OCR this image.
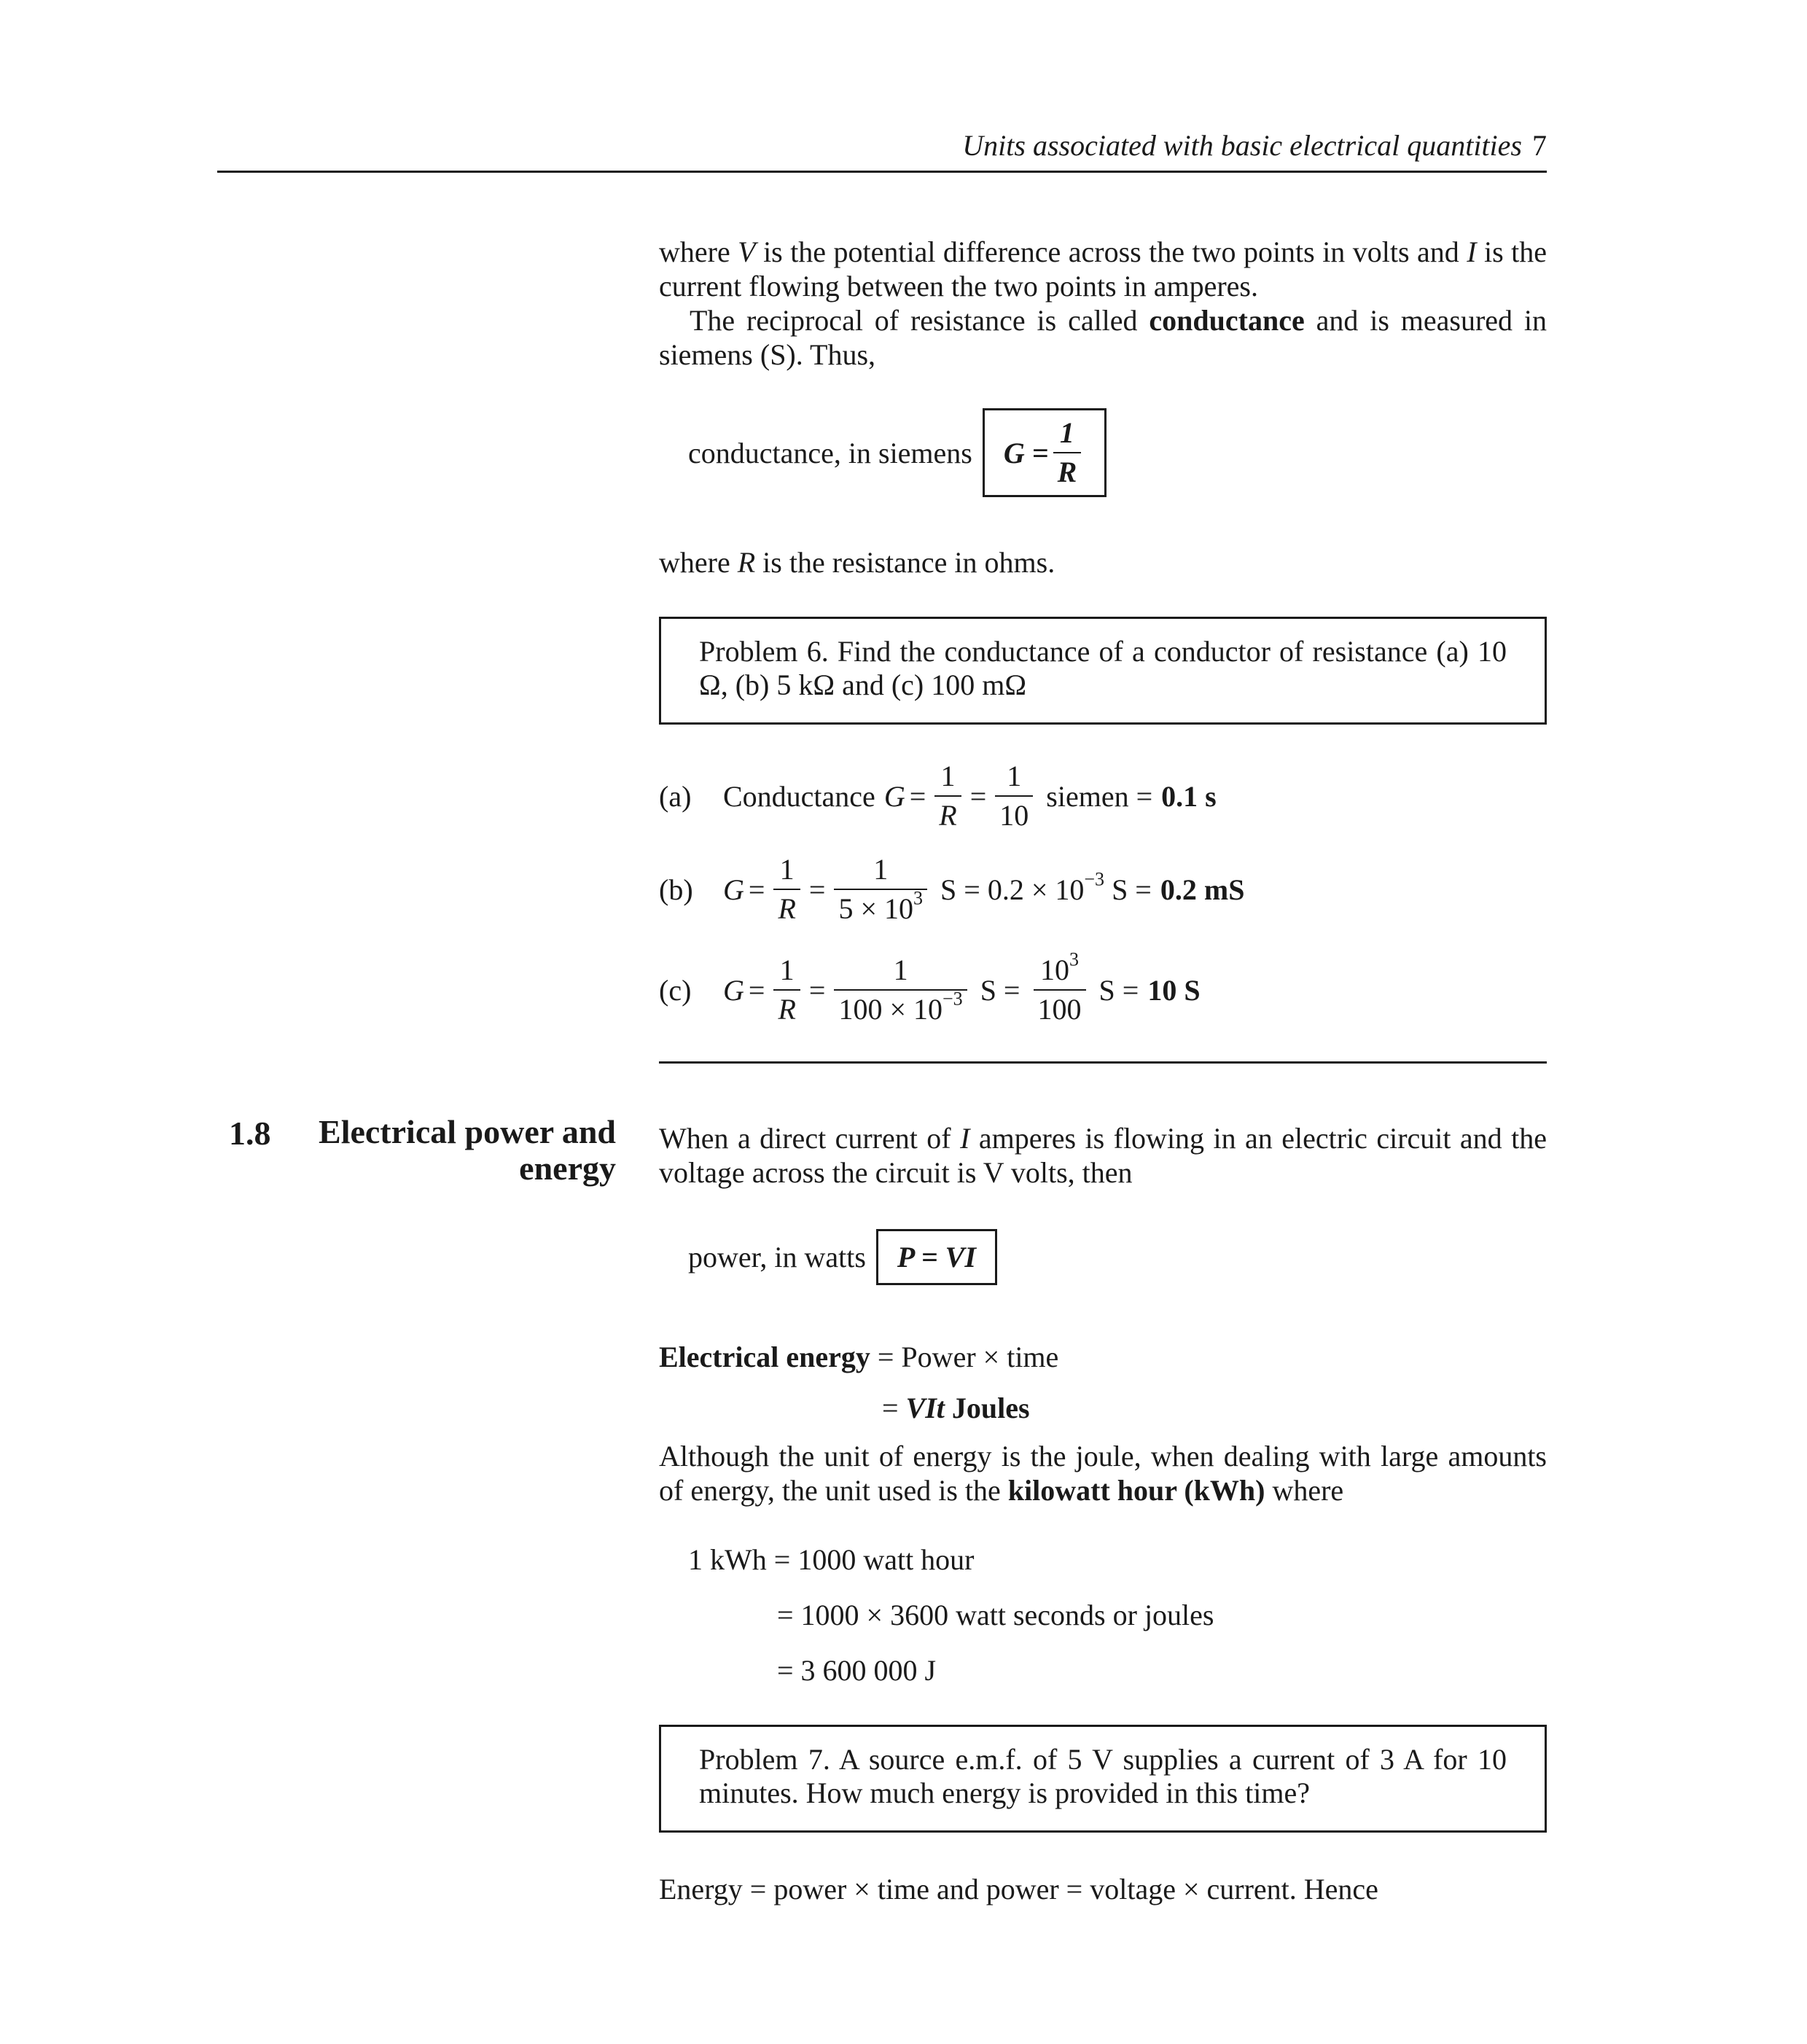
Units associated with basic electrical quantities 7
where V is the potential difference across the two points in volts and I is the current flowing between the two points in amperes.
The reciprocal of resistance is called conductance and is measured in siemens (S). Thus,
conductance, in siemens $G = \frac{1}{R}$
where R is the resistance in ohms.
Problem 6. Find the conductance of a conductor of resistance (a) 10 Ω, (b) 5 kΩ and (c) 100 mΩ
(a)	Conductance $G = \frac{1}{R} = \frac{1}{10}$ siemen = 0.1 s
(b)	$G = \frac{1}{R} = \frac{1}{5 \times 10^3}$ $S = 0.2 \times 10^{-3}$ S = 0.2 mS
(c)	$G = \frac{1}{R} = \frac{1}{100 \times 10^{-3}}$ $S = \frac{10^3}{100}$ S = 10 S
1.8	Electrical power and energy
When a direct current of I amperes is flowing in an electric circuit and the voltage across the circuit is V volts, then
power, in watts P = VI
Electrical energy = Power × time
= VIt Joules
Although the unit of energy is the joule, when dealing with large amounts of energy, the unit used is the kilowatt hour (kWh) where
1 kWh = 1000 watt hour
= 1000 × 3600 watt seconds or joules
= 3 600 000 J
Problem 7. A source e.m.f. of 5 V supplies a current of 3 A for 10 minutes. How much energy is provided in this time?
Energy = power × time and power = voltage × current. Hence
